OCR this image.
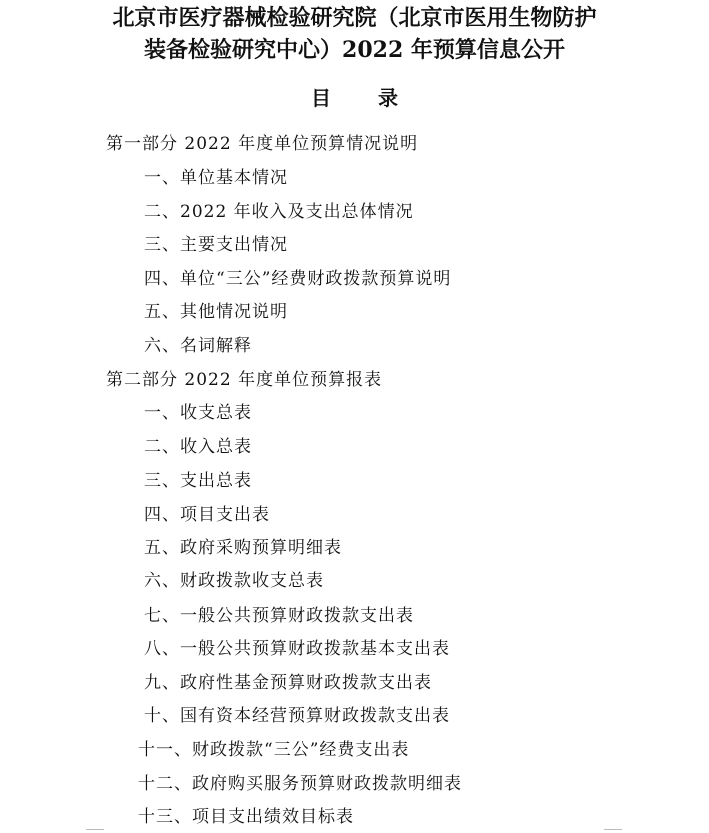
北京市医疗器械检验研究院（北京市医用生物防护
装备检验研究中心）2022 年预算信息公开
目 录
第一部分 2022 年度单位预算情况说明
一、单位基本情况
二、2022 年收入及支出总体情况
三、主要支出情况
四、单位“三公”经费财政拨款预算说明
五、其他情况说明
六、名词解释
第二部分 2022 年度单位预算报表
一、收支总表
二、收入总表
三、支出总表
四、项目支出表
五、政府采购预算明细表
六、财政拨款收支总表
七、一般公共预算财政拨款支出表
八、一般公共预算财政拨款基本支出表
九、政府性基金预算财政拨款支出表
十、国有资本经营预算财政拨款支出表
十一、财政拨款“三公”经费支出表
十二、政府购买服务预算财政拨款明细表
十三、项目支出绩效目标表
